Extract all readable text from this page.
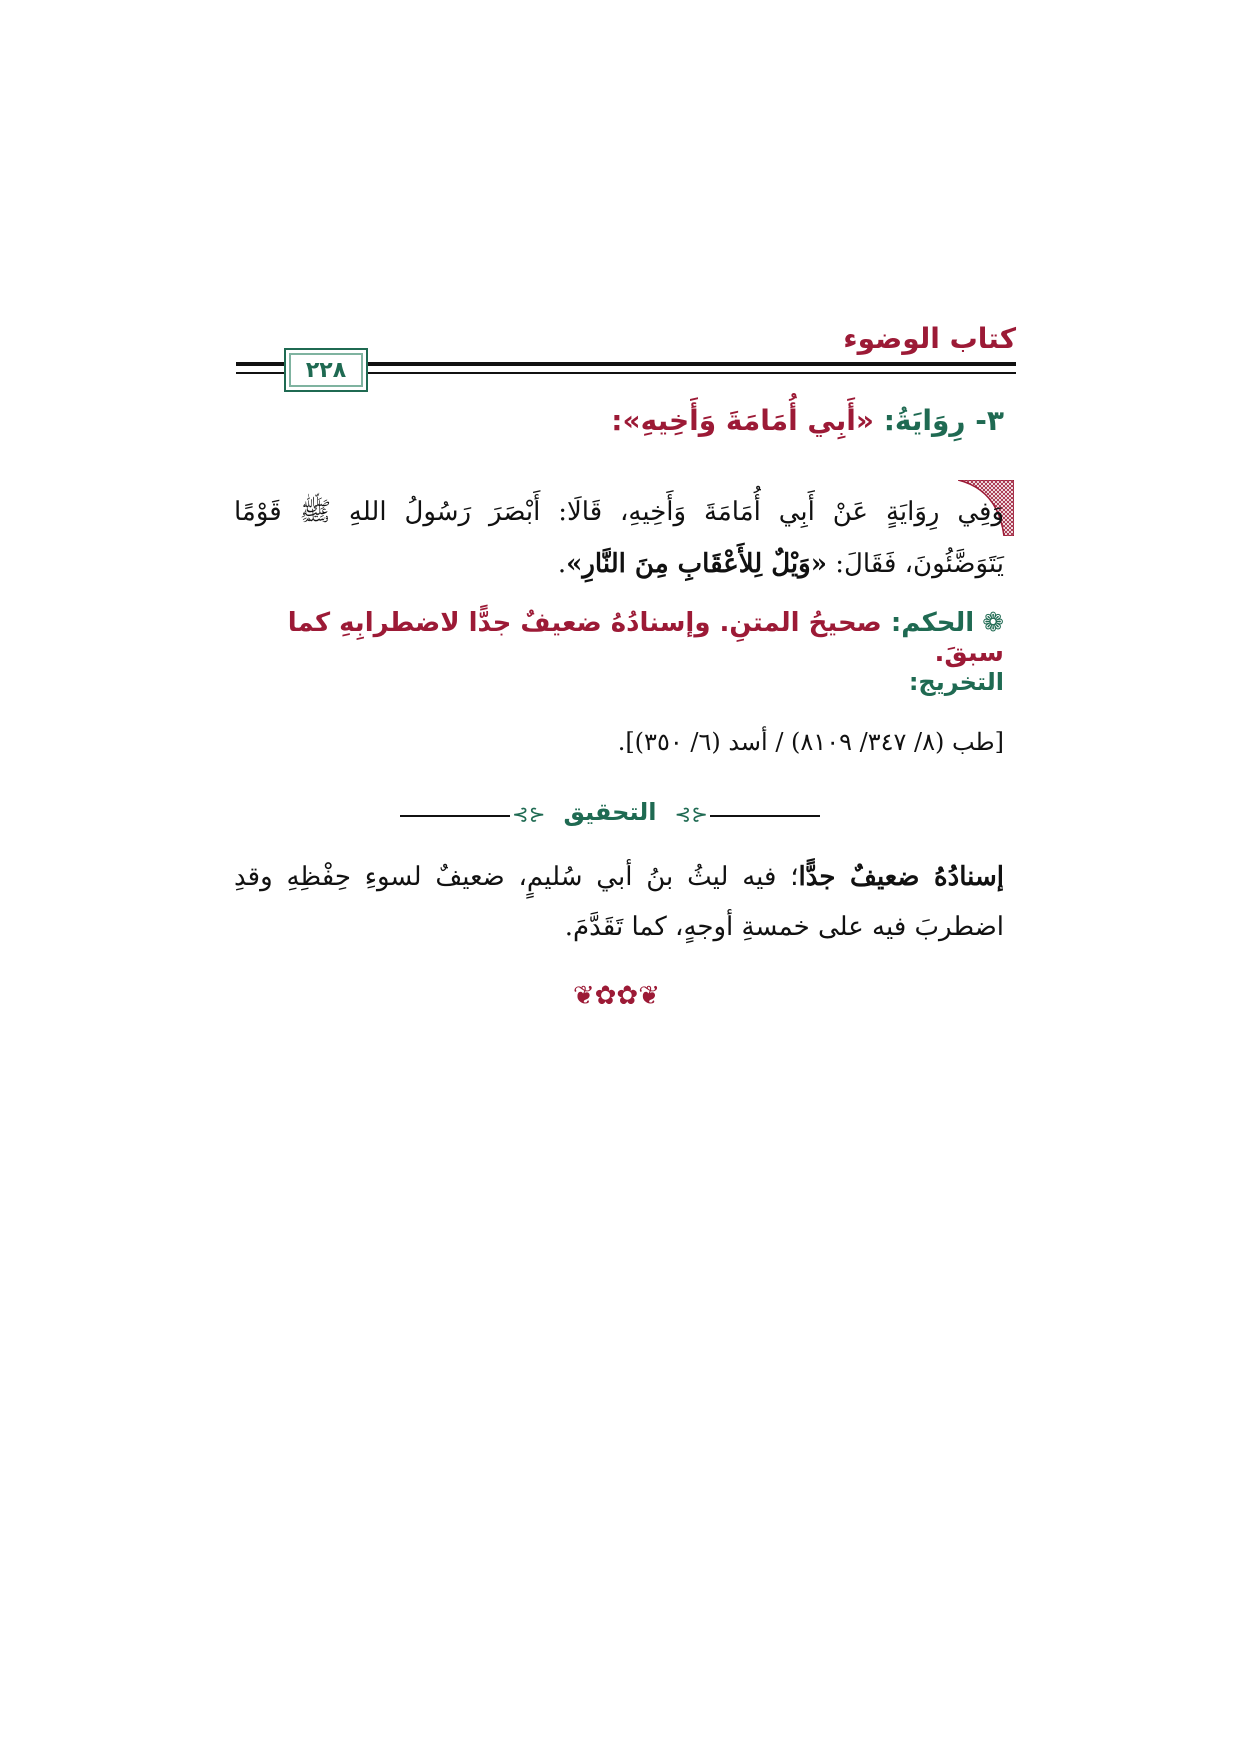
كتاب الوضوء
٢٢٨
٣- رِوَايَةُ: «أَبِي أُمَامَةَ وَأَخِيهِ»:
وَفِي رِوَايَةٍ عَنْ أَبِي أُمَامَةَ وَأَخِيهِ، قَالَا: أَبْصَرَ رَسُولُ اللهِ ﷺ قَوْمًا يَتَوَضَّئُونَ، فَقَالَ: «وَيْلٌ لِلأَعْقَابِ مِنَ النَّارِ».
❁الحكم: صحيحُ المتنِ. وإسنادُهُ ضعيفٌ جدًّا لاضطرابِهِ كما سبقَ.
التخريج:
[طب (٨/ ٣٤٧/ ٨١٠٩) / أسد (٦/ ٣٥٠)].
⊰⊱	⊰⊱
التحقيق
إسنادُهُ ضعيفٌ جدًّا؛ فيه ليثُ بنُ أبي سُليمٍ، ضعيفٌ لسوءِ حِفْظِهِ وقدِ اضطربَ فيه على خمسةِ أوجهٍ، كما تَقَدَّمَ.
❦✿✿❦
